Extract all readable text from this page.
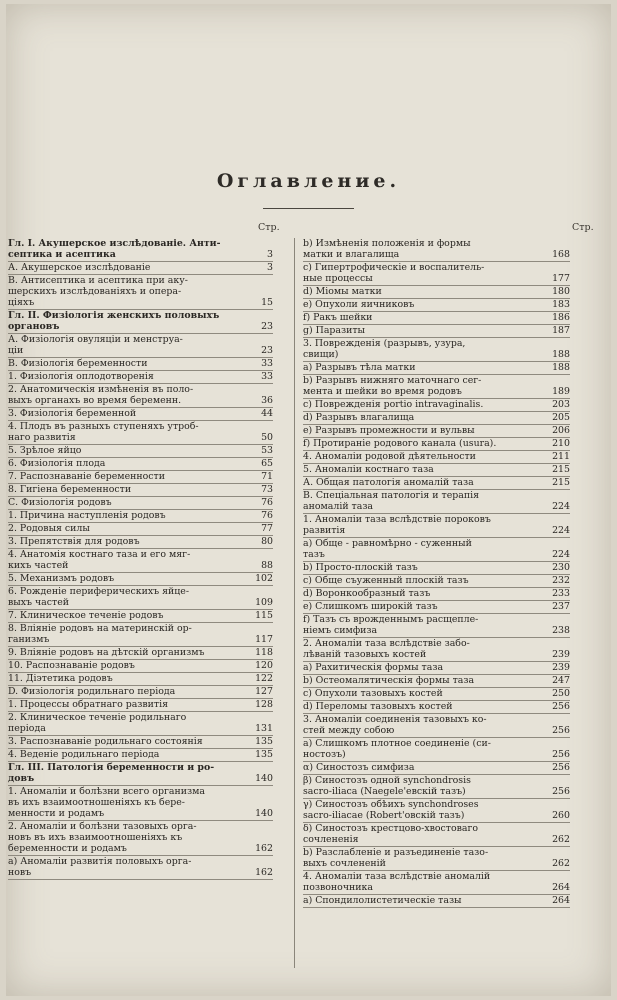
Оглавление.
Стр.	Стр.
Гл. I. Акушерское изслѣдованіе. Анти-
септика и асептика	3
А. Акушерское изслѣдованіе	3
В. Антисептика и асептика при аку-
шерскихъ изслѣдованіяхъ и опера-
ціяхъ	15
Гл. II. Физіологія женскихъ половыхъ
органовъ	23
А. Физіологія овуляціи и менструа-
ціи	23
В. Физіологія беременности	33
1. Физіологія оплодотворенія	33
2. Анатомическія измѣненія въ поло-
выхъ органахъ во время беременн.	36
3. Физіологія беременной	44
4. Плодъ въ разныхъ ступеняхъ утроб-
наго развитія	50
5. Зрѣлое яйцо	53
6. Физіологія плода	65
7. Распознаваніе беременности	71
8. Гигіена беременности	73
С. Физіологія родовъ	76
1. Причина наступленія родовъ	76
2. Родовыя силы	77
3. Препятствія для родовъ	80
4. Анатомія костнаго таза и его мяг-
кихъ частей	88
5. Механизмъ родовъ	102
6. Рожденіе периферическихъ яйце-
выхъ частей	109
7. Клиническое теченіе родовъ	115
8. Вліяніе родовъ на материнскій ор-
ганизмъ	117
9. Вліяніе родовъ на дѣтскій организмъ	118
10. Распознаваніе родовъ	120
11. Діэтетика родовъ	122
D. Физіологія родильнаго періода	127
1. Процессы обратнаго развитія	128
2. Клиническое теченіе родильнаго
періода	131
3. Распознаваніе родильнаго состоянія	135
4. Веденіе родильнаго періода	135
Гл. III. Патологія беременности и ро-
довъ	140
1. Аномаліи и болѣзни всего организма
въ ихъ взаимоотношеніяхъ къ бере-
менности и родамъ	140
2. Аномаліи и болѣзни тазовыхъ орга-
новъ въ ихъ взаимоотношеніяхъ къ
беременности и родамъ	162
а) Аномаліи развитія половыхъ орга-
новъ	162
b) Измѣненія положенія и формы
матки и влагалища	168
c) Гипертрофическіе и воспалитель-
ные процессы	177
d) Міомы матки	180
e) Опухоли яичниковъ	183
f) Ракъ шейки	186
g) Паразиты	187
3. Поврежденія (разрывъ, узура,
свищи)	188
a) Разрывъ тѣла матки	188
b) Разрывъ нижняго маточнаго сег-
мента и шейки во время родовъ	189
c) Поврежденія portio intravaginalis.	203
d) Разрывъ влагалища	205
e) Разрывъ промежности и вульвы	206
f) Протираніе родового канала (usura).	210
4. Аномаліи родовой дѣятельности	211
5. Аномаліи костнаго таза	215
А. Общая патологія аномалій таза	215
В. Спеціальная патологія и терапія
аномалій таза	224
1. Аномаліи таза вслѣдствіе пороковъ
развитія	224
а) Обще - равномѣрно - суженный
тазъ	224
b) Просто-плоскій тазъ	230
c) Обще съуженный плоскій тазъ	232
d) Воронкообразный тазъ	233
e) Слишкомъ широкій тазъ	237
f) Тазъ съ врожденнымъ расщепле-
ніемъ симфиза	238
2. Аномаліи таза вслѣдствіе забо-
лѣваній тазовыхъ костей	239
a) Рахитическія формы таза	239
b) Остеомалятическія формы таза	247
c) Опухоли тазовыхъ костей	250
d) Переломы тазовыхъ костей	256
3. Аномаліи соединенія тазовыхъ ко-
стей между собою	256
а) Слишкомъ плотное соединеніе (си-
ностозъ)	256
α) Синостозъ симфиза	256
β) Синостозъ одной synchondrosis
sacro-iliaca (Naegele'евскій тазъ)	256
γ) Синостозъ обѣихъ synchondroses
sacro-iliacae (Robert'овскій тазъ)	260
δ) Синостозъ крестцово-хвостоваго
сочлененія	262
b) Разслабленіе и разъединеніе тазо-
выхъ сочлененій	262
4. Аномаліи таза вслѣдствіе аномалій
позвоночника	264
а) Спондилолистетическіе тазы	264
